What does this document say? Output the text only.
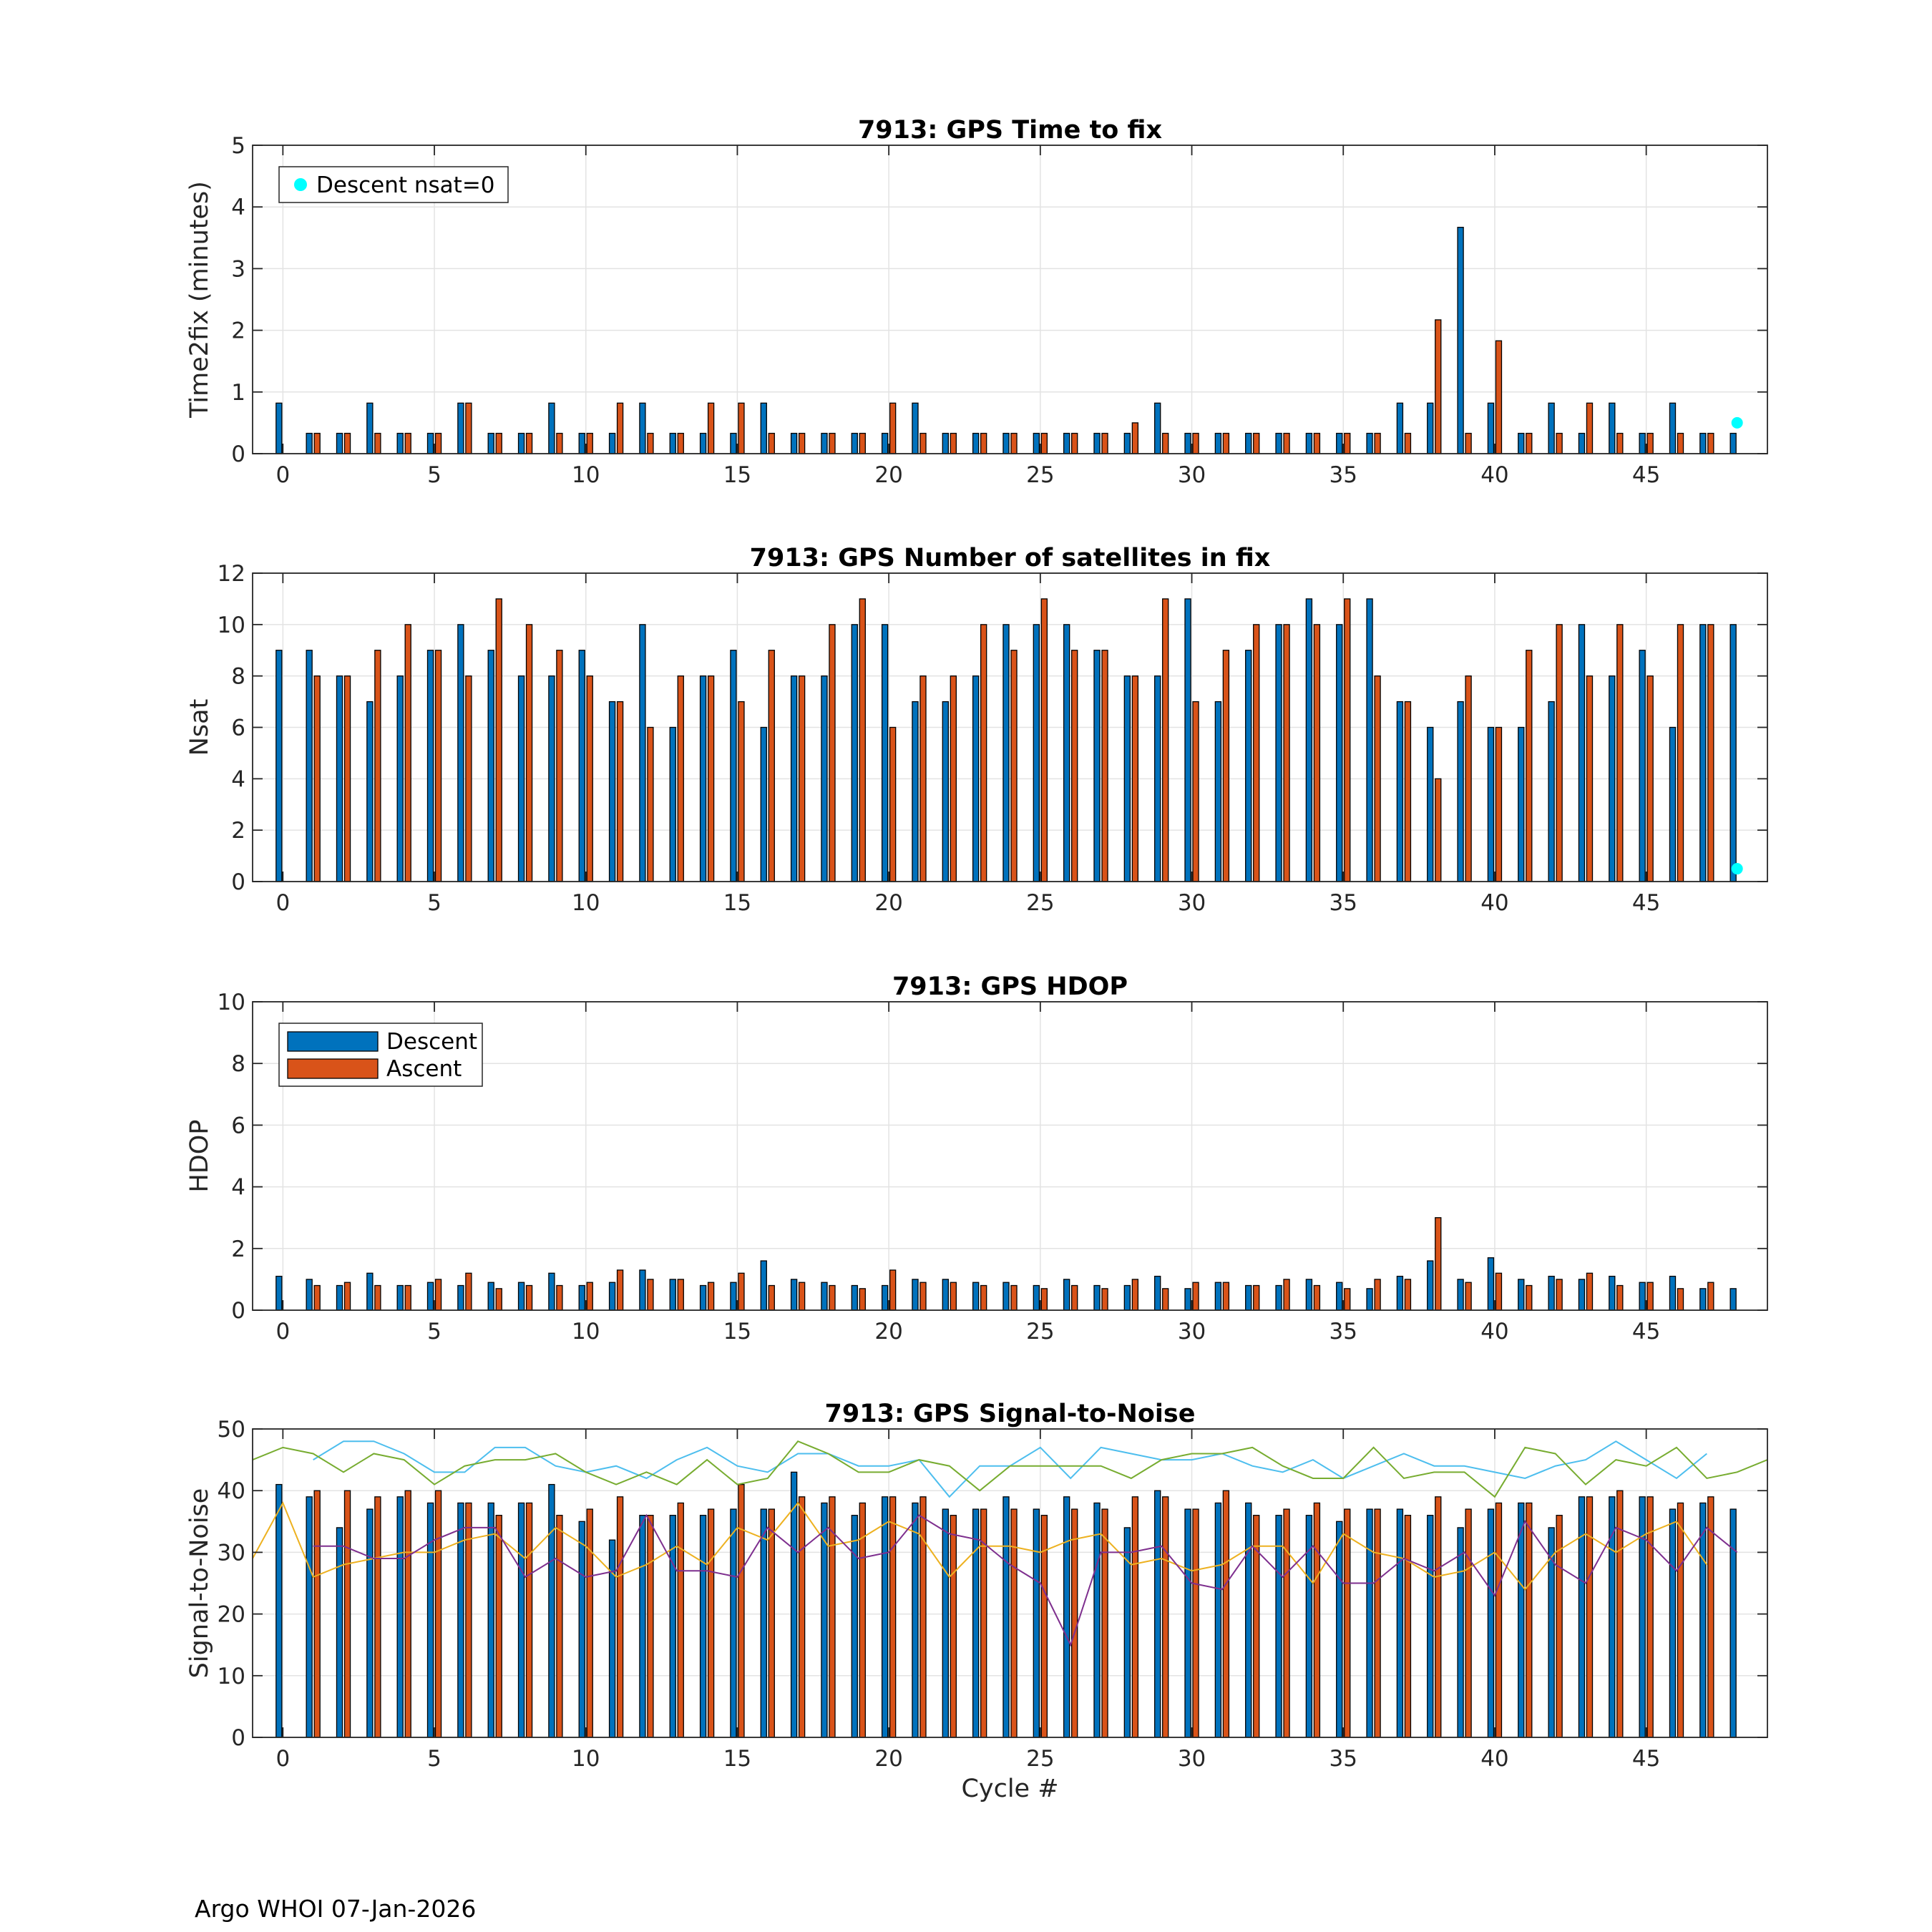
0	5	10	15	20	25	30	35	40	45
0
1
2
3
4
5
7913: GPS Time to fix
Time2fix (minutes)	Descent nsat=0
0	5	10	15	20	25	30	35	40	45
0
2
4
6
8
10
12
7913: GPS Number of satellites in fix
Nsat
0	5	10	15	20	25	30	35	40	45
0
2
4
6
8
10
7913: GPS HDOP
HDOP
Descent
Ascent
0	5	10	15	20	25	30	35	40	45
0
10
20
30
40
50
7913: GPS Signal-to-Noise
Signal-to-Noise
Cycle #
Argo WHOI 07-Jan-2026
